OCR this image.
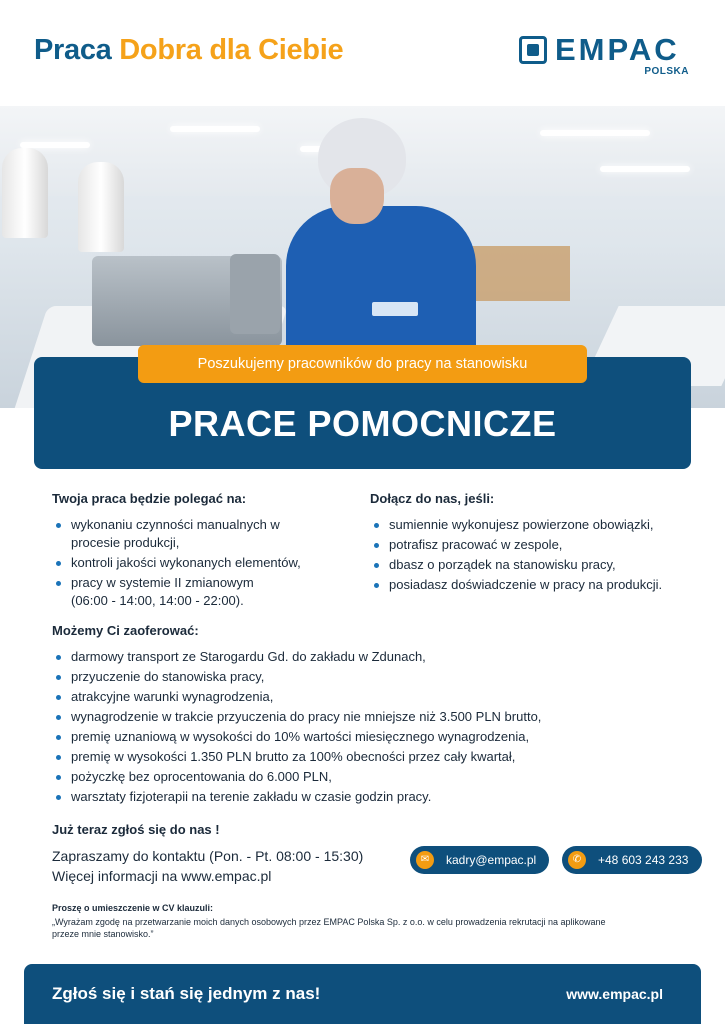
Praca Dobra dla Ciebie	EMPAC
POLSKA
Poszukujemy pracowników do pracy na stanowisku
PRACE POMOCNICZE
Twoja praca będzie polegać na:
wykonaniu czynności manualnych w procesie produkcji,
kontroli jakości wykonanych elementów,
pracy w systemie II zmianowym (06:00 - 14:00, 14:00 - 22:00).
Dołącz do nas, jeśli:
sumiennie wykonujesz powierzone obowiązki,
potrafisz pracować w zespole,
dbasz o porządek na stanowisku pracy,
posiadasz doświadczenie w pracy na produkcji.
Możemy Ci zaoferować:
darmowy transport ze Starogardu Gd. do zakładu w Zdunach,
przyuczenie do stanowiska pracy,
atrakcyjne warunki wynagrodzenia,
wynagrodzenie w trakcie przyuczenia do pracy nie mniejsze niż 3.500 PLN brutto,
premię uznaniową w wysokości do 10% wartości miesięcznego wynagrodzenia,
premię w wysokości 1.350 PLN brutto za 100% obecności przez cały kwartał,
pożyczkę bez oprocentowania do 6.000 PLN,
warsztaty fizjoterapii na terenie zakładu w czasie godzin pracy.
Już teraz zgłoś się do nas !
Zapraszamy do kontaktu (Pon. - Pt. 08:00 - 15:30)
Więcej informacji na www.empac.pl
✉	kadry@empac.pl	✆	+48 603 243 233
Proszę o umieszczenie w CV klauzuli:
„Wyrażam zgodę na przetwarzanie moich danych osobowych przez EMPAC Polska Sp. z o.o. w celu prowadzenia rekrutacji na aplikowane przeze mnie stanowisko.”
Zgłoś się i stań się jednym z nas!	www.empac.pl
